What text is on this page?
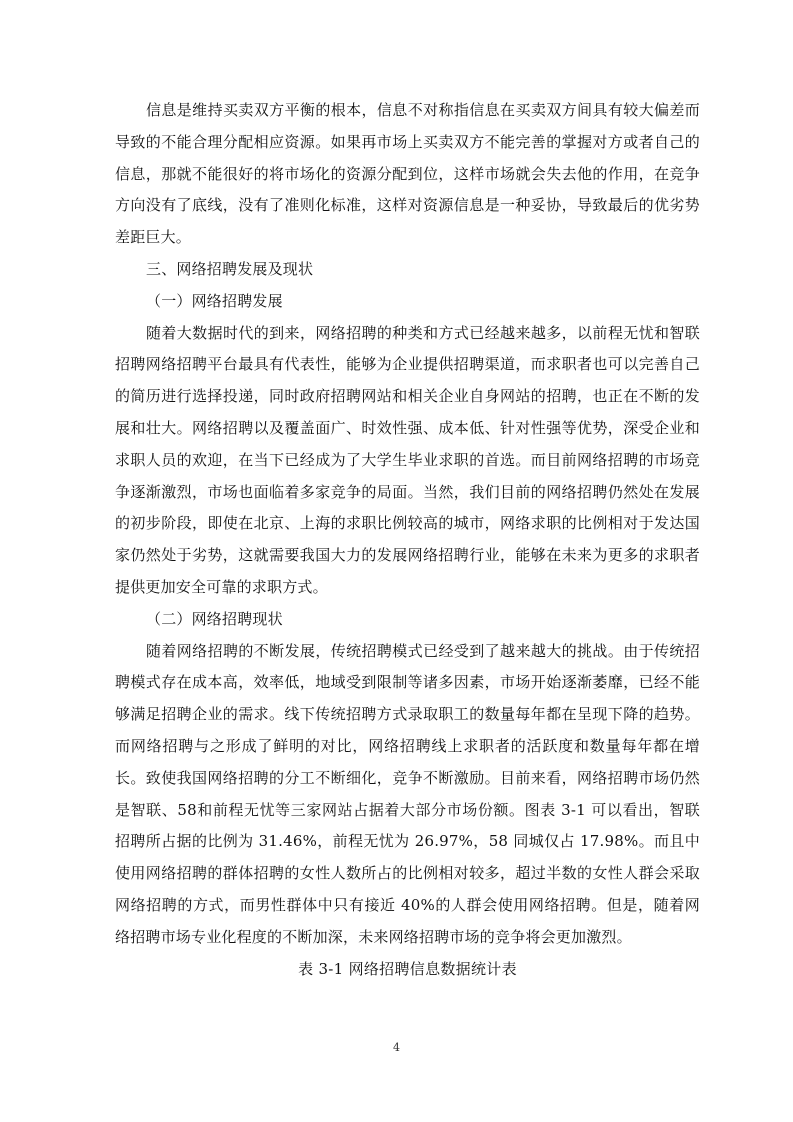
信息是维持买卖双方平衡的根本，信息不对称指信息在买卖双方间具有较大偏差而导致的不能合理分配相应资源。如果再市场上买卖双方不能完善的掌握对方或者自己的信息，那就不能很好的将市场化的资源分配到位，这样市场就会失去他的作用，在竞争方向没有了底线，没有了准则化标准，这样对资源信息是一种妥协，导致最后的优劣势差距巨大。

三、网络招聘发展及现状

（一）网络招聘发展

随着大数据时代的到来，网络招聘的种类和方式已经越来越多，以前程无忧和智联招聘网络招聘平台最具有代表性，能够为企业提供招聘渠道，而求职者也可以完善自己的简历进行选择投递，同时政府招聘网站和相关企业自身网站的招聘，也正在不断的发展和壮大。网络招聘以及覆盖面广、时效性强、成本低、针对性强等优势，深受企业和求职人员的欢迎，在当下已经成为了大学生毕业求职的首选。而目前网络招聘的市场竞争逐渐激烈，市场也面临着多家竞争的局面。当然，我们目前的网络招聘仍然处在发展的初步阶段，即使在北京、上海的求职比例较高的城市，网络求职的比例相对于发达国家仍然处于劣势，这就需要我国大力的发展网络招聘行业，能够在未来为更多的求职者提供更加安全可靠的求职方式。

（二）网络招聘现状

随着网络招聘的不断发展，传统招聘模式已经受到了越来越大的挑战。由于传统招聘模式存在成本高，效率低，地域受到限制等诸多因素，市场开始逐渐萎靡，已经不能够满足招聘企业的需求。线下传统招聘方式录取职工的数量每年都在呈现下降的趋势。而网络招聘与之形成了鲜明的对比，网络招聘线上求职者的活跃度和数量每年都在增长。致使我国网络招聘的分工不断细化，竞争不断激励。目前来看，网络招聘市场仍然是智联、58和前程无忧等三家网站占据着大部分市场份额。图表 3-1 可以看出，智联招聘所占据的比例为 31.46%，前程无忧为 26.97%，58 同城仅占 17.98%。而且中使用网络招聘的群体招聘的女性人数所占的比例相对较多，超过半数的女性人群会采取网络招聘的方式，而男性群体中只有接近 40%的人群会使用网络招聘。但是，随着网络招聘市场专业化程度的不断加深，未来网络招聘市场的竞争将会更加激烈。

表 3-1 网络招聘信息数据统计表

4
